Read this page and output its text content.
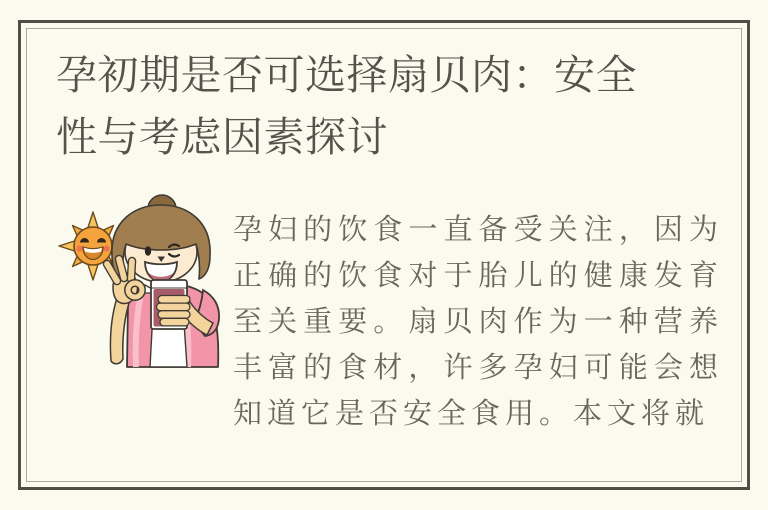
孕初期是否可选择扇贝肉：安全性与考虑因素探讨

孕妇的饮食一直备受关注，因为正确的饮食对于胎儿的健康发育至关重要。扇贝肉作为一种营养丰富的食材，许多孕妇可能会想知道它是否安全食用。本文将就
